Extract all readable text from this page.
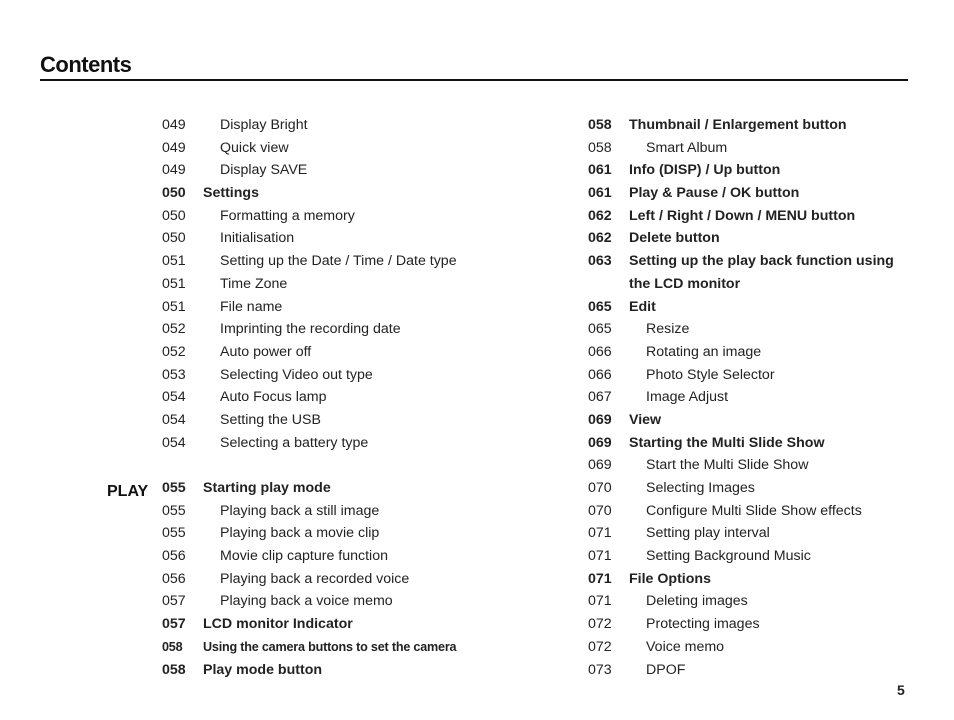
Contents
PLAY
049 Display Bright
049 Quick view
049 Display SAVE
050 Settings
050 Formatting a memory
050 Initialisation
051 Setting up the Date / Time / Date type
051 Time Zone
051 File name
052 Imprinting the recording date
052 Auto power off
053 Selecting Video out type
054 Auto Focus lamp
054 Setting the USB
054 Selecting a battery type
055 Starting play mode
055 Playing back a still image
055 Playing back a movie clip
056 Movie clip capture function
056 Playing back a recorded voice
057 Playing back a voice memo
057 LCD monitor Indicator
058 Using the camera buttons to set the camera
058 Play mode button
058 Thumbnail / Enlargement button
058 Smart Album
061 Info (DISP) / Up button
061 Play & Pause / OK button
062 Left / Right / Down / MENU button
062 Delete button
063 Setting up the play back function using
the LCD monitor
065 Edit
065 Resize
066 Rotating an image
066 Photo Style Selector
067 Image Adjust
069 View
069 Starting the Multi Slide Show
069 Start the Multi Slide Show
070 Selecting Images
070 Configure Multi Slide Show effects
071 Setting play interval
071 Setting Background Music
071 File Options
071 Deleting images
072 Protecting images
072 Voice memo
073 DPOF
5
